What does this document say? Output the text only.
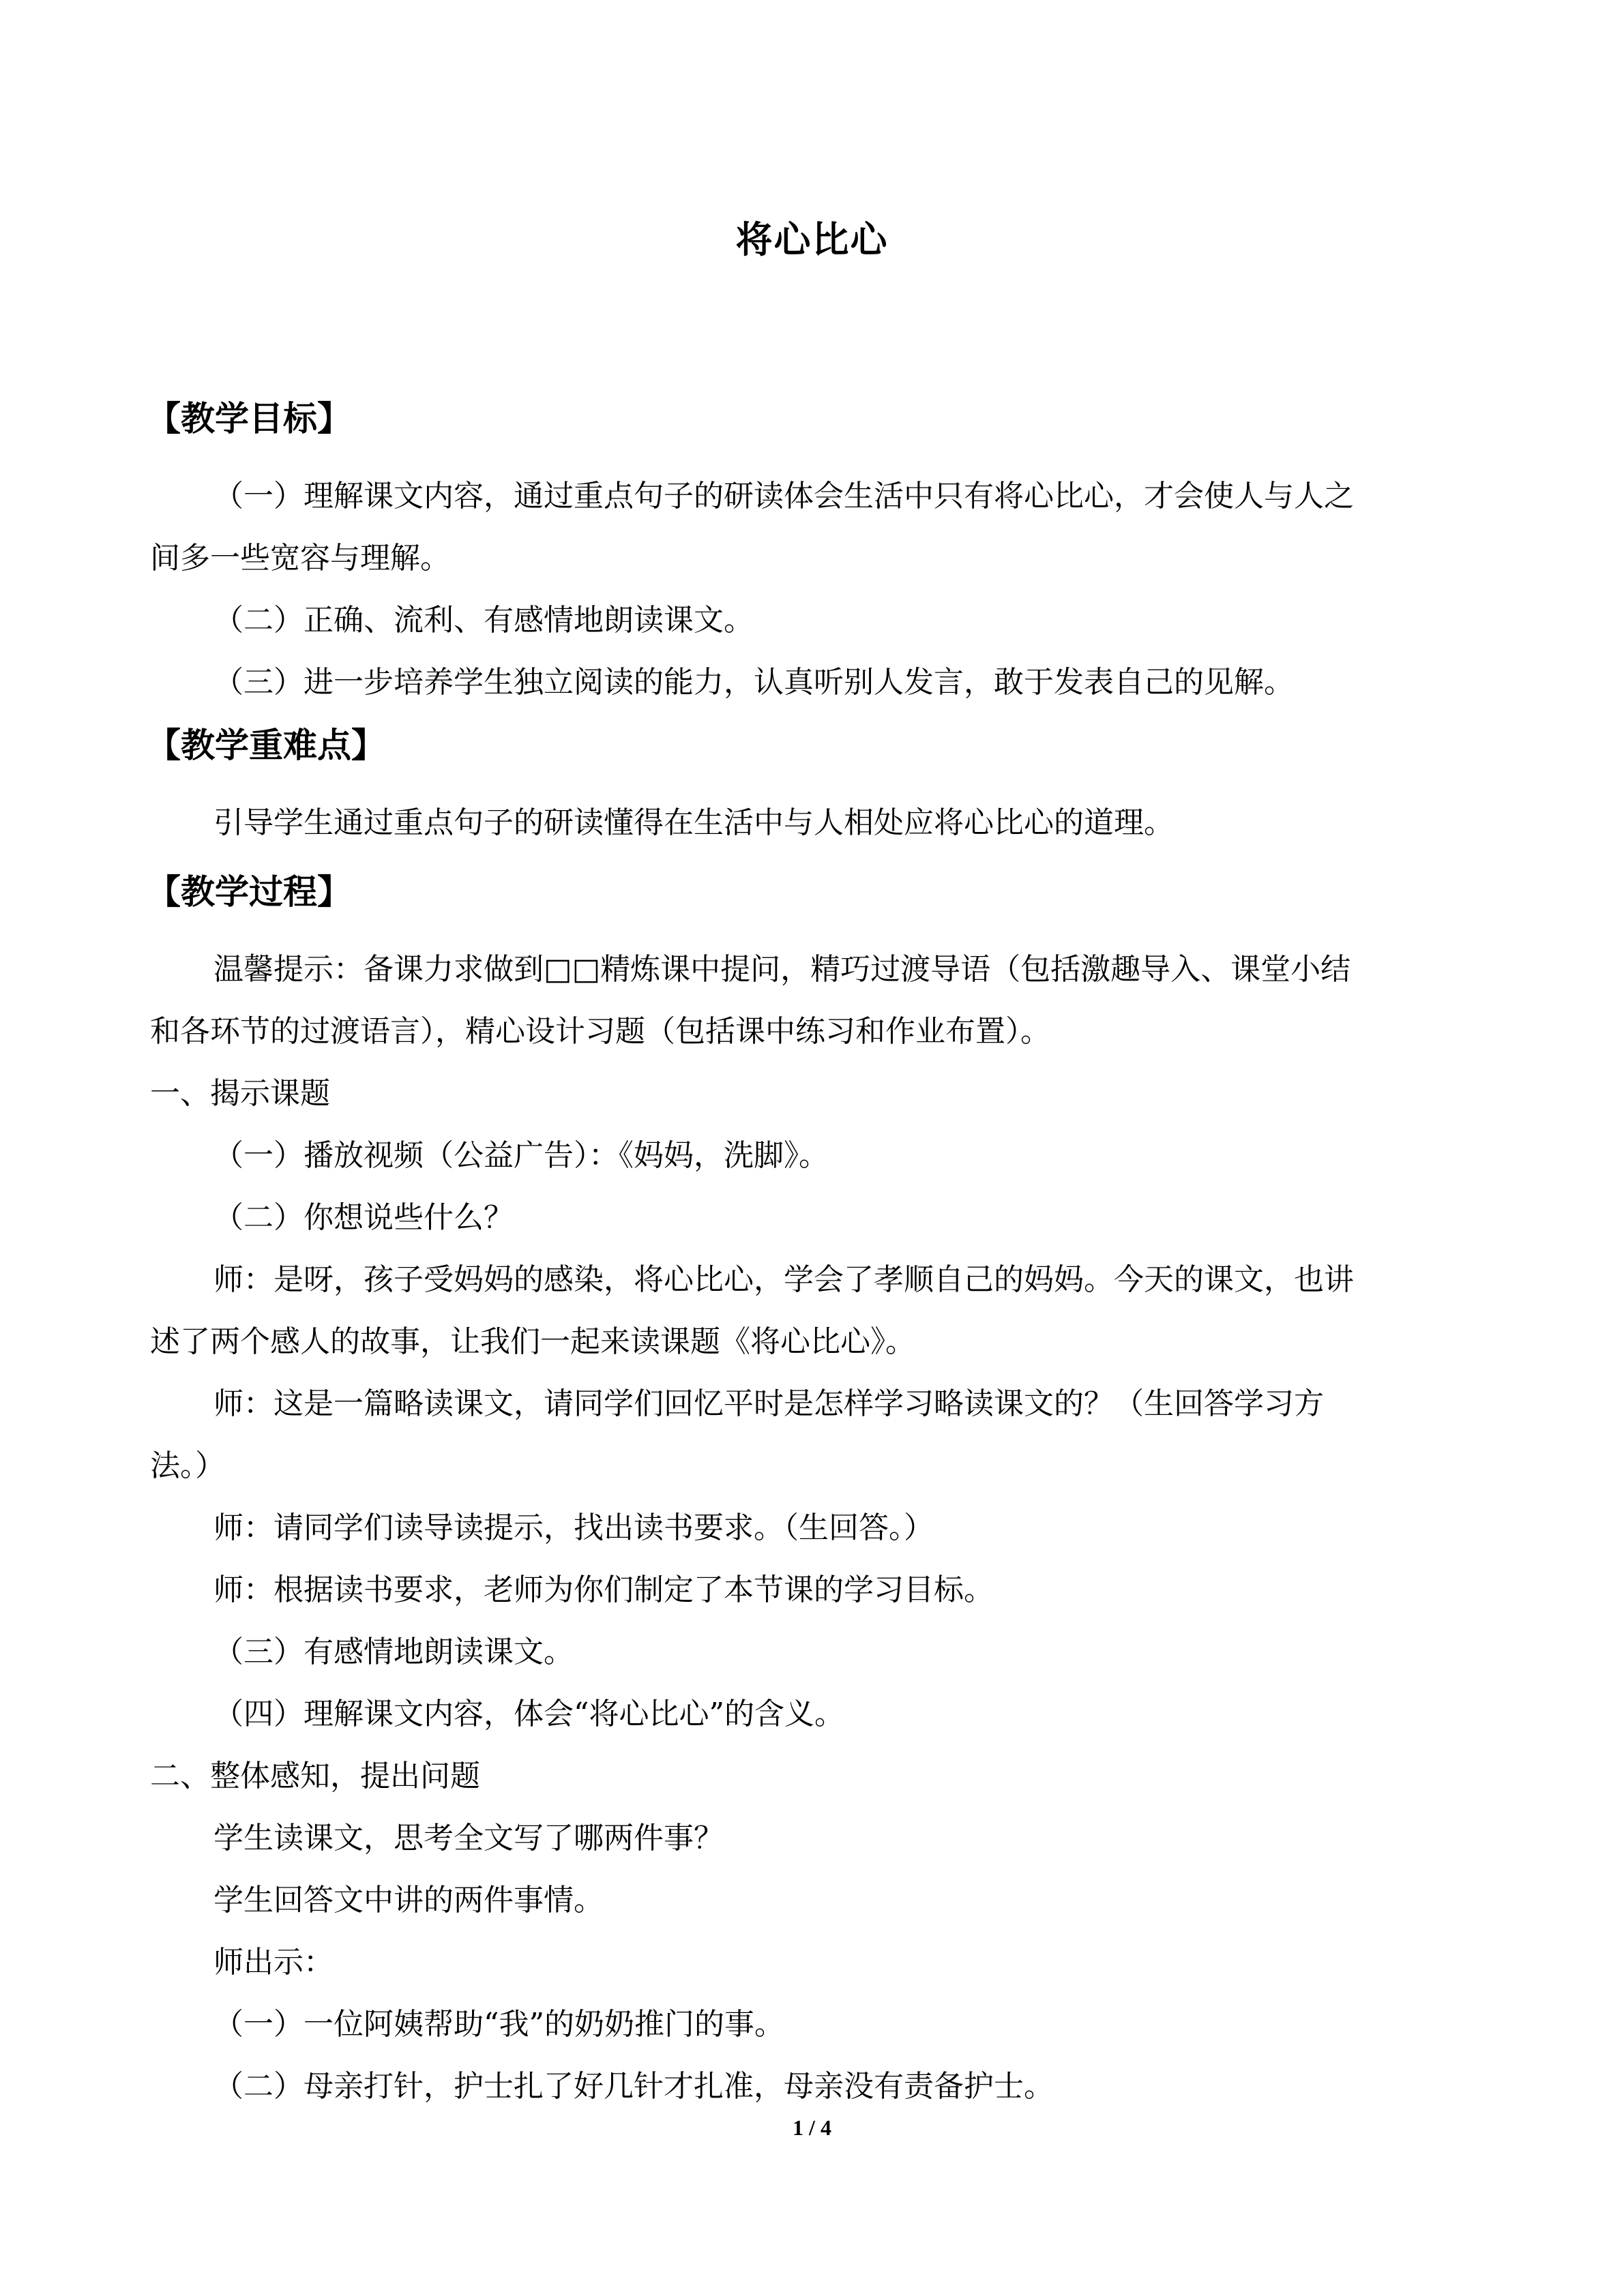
将心比心
【教学目标】
（一）理解课文内容，通过重点句子的研读体会生活中只有将心比心，才会使人与人之
间多一些宽容与理解。
（二）正确、流利、有感情地朗读课文。
（三）进一步培养学生独立阅读的能力，认真听别人发言，敢于发表自己的见解。
【教学重难点】
引导学生通过重点句子的研读懂得在生活中与人相处应将心比心的道理。
【教学过程】
温馨提示：备课力求做到□□精炼课中提问，精巧过渡导语（包括激趣导入、课堂小结
和各环节的过渡语言），精心设计习题（包括课中练习和作业布置）。
一、揭示课题
（一）播放视频（公益广告）：《妈妈，洗脚》。
（二）你想说些什么？
师：是呀，孩子受妈妈的感染，将心比心，学会了孝顺自己的妈妈。今天的课文，也讲
述了两个感人的故事，让我们一起来读课题《将心比心》。
师：这是一篇略读课文，请同学们回忆平时是怎样学习略读课文的？（生回答学习方
法。）
师：请同学们读导读提示，找出读书要求。（生回答。）
师：根据读书要求，老师为你们制定了本节课的学习目标。
（三）有感情地朗读课文。
（四）理解课文内容，体会“将心比心”的含义。
二、整体感知，提出问题
学生读课文，思考全文写了哪两件事？
学生回答文中讲的两件事情。
师出示：
（一）一位阿姨帮助“我”的奶奶推门的事。
（二）母亲打针，护士扎了好几针才扎准，母亲没有责备护士。
1 / 4
